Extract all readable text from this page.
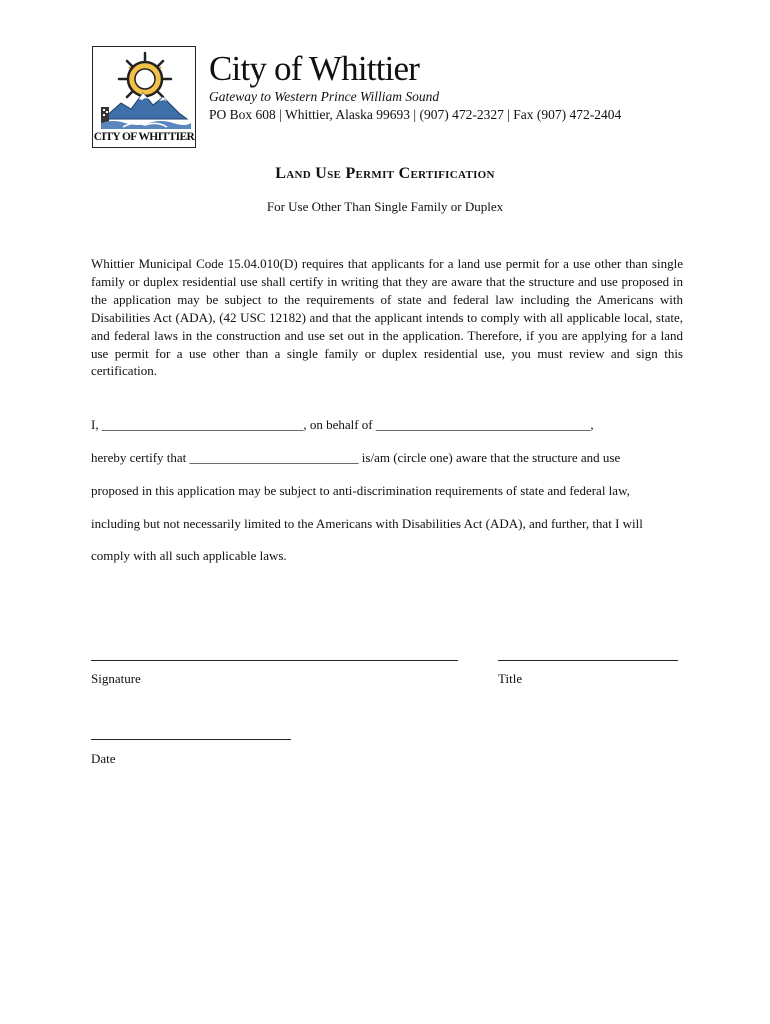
CITY OF WHITTIER
City of Whittier
Gateway to Western Prince William Sound
PO Box 608 | Whittier, Alaska 99693 | (907) 472-2327 | Fax (907) 472-2404
Land Use Permit Certification
For Use Other Than Single Family or Duplex

Whittier Municipal Code 15.04.010(D) requires that applicants for a land use permit for a use other than single family or duplex residential use shall certify in writing that they are aware that the structure and use proposed in the application may be subject to the requirements of state and federal law including the Americans with Disabilities Act (ADA), (42 USC 12182) and that the applicant intends to comply with all applicable local, state, and federal laws in the construction and use set out in the application. Therefore, if you are applying for a land use permit for a use other than a single family or duplex residential use, you must review and sign this certification.

I, _______________________________, on behalf of _________________________________,
hereby certify that __________________________ is/am (circle one) aware that the structure and use
proposed in this application may be subject to anti-discrimination requirements of state and federal law,
including but not necessarily limited to the Americans with Disabilities Act (ADA), and further, that I will
comply with all such applicable laws.
Signature	Title
Date
